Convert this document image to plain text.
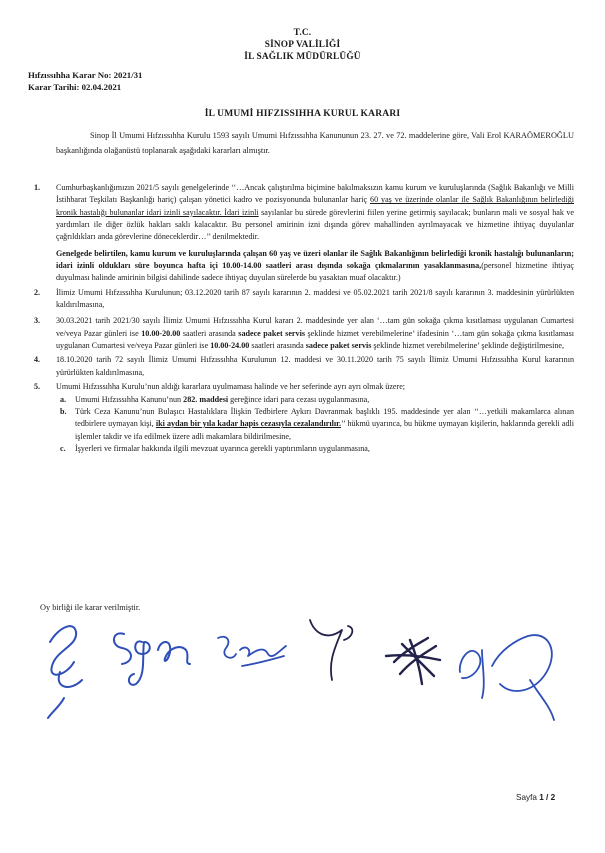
T.C.
SİNOP VALİLİĞİ
İL SAĞLIK MÜDÜRLÜĞÜ
Hıfzıssıhha Karar No: 2021/31
Karar Tarihi: 02.04.2021
İL UMUMİ HIFZISSIHHA KURUL KARARI

Sinop İl Umumi Hıfzıssıhha Kurulu 1593 sayılı Umumi Hıfzıssıhha Kanununun 23. 27. ve 72. maddelerine göre, Vali Erol KARAÖMEROĞLU başkanlığında olağanüstü toplanarak aşağıdaki kararları almıştır.

1. Cumhurbaşkanlığımızın 2021/5 sayılı genelgelerinde ‘‘…Ancak çalıştırılma biçimine bakılmaksızın kamu kurum ve kuruluşlarında (Sağlık Bakanlığı ve Milli İstihbarat Teşkilatı Başkanlığı hariç) çalışan yönetici kadro ve pozisyonunda bulunanlar hariç 60 yaş ve üzerinde olanlar ile Sağlık Bakanlığının belirlediği kronik hastalığı bulunanlar idari izinli sayılacaktır. İdari izinli sayılanlar bu sürede görevlerini fiilen yerine getirmiş sayılacak; bunların mali ve sosyal hak ve yardımları ile diğer özlük hakları saklı kalacaktır. Bu personel amirinin izni dışında görev mahallinden ayrılmayacak ve hizmetine ihtiyaç duyulanlar çağrıldıkları anda görevlerine döneceklerdir…’’ denilmektedir.
Genelgede belirtilen, kamu kurum ve kuruluşlarında çalışan 60 yaş ve üzeri olanlar ile Sağlık Bakanlığının belirlediği kronik hastalığı bulunanların; idari izinli oldukları süre boyunca hafta içi 10.00-14.00 saatleri arası dışında sokağa çıkmalarının yasaklanmasına,(personel hizmetine ihtiyaç duyulması halinde amirinin bilgisi dahilinde sadece ihtiyaç duyulan sürelerde bu yasaktan muaf olacaktır.)
2. İlimiz Umumi Hıfzıssıhha Kurulunun; 03.12.2020 tarih 87 sayılı kararının 2. maddesi ve 05.02.2021 tarih 2021/8 sayılı kararının 3. maddesinin yürürlükten kaldırılmasına,
3. 30.03.2021 tarih 2021/30 sayılı İlimiz Umumi Hıfzıssıhha Kurul kararı 2. maddesinde yer alan ‘…tam gün sokağa çıkma kısıtlaması uygulanan Cumartesi ve/veya Pazar günleri ise 10.00-20.00 saatleri arasında sadece paket servis şeklinde hizmet verebilmelerine’ ifadesinin ‘…tam gün sokağa çıkma kısıtlaması uygulanan Cumartesi ve/veya Pazar günleri ise 10.00-24.00 saatleri arasında sadece paket servis şeklinde hizmet verebilmelerine’ şeklinde değiştirilmesine,
4. 18.10.2020 tarih 72 sayılı İlimiz Umumi Hıfzıssıhha Kurulunun 12. maddesi ve 30.11.2020 tarih 75 sayılı İlimiz Umumi Hıfzıssıhha Kurul kararının yürürlükten kaldırılmasına,
5. Umumi Hıfzıssıhha Kurulu’nun aldığı kararlara uyulmaması halinde ve her seferinde ayrı ayrı olmak üzere;
a. Umumi Hıfzıssıhha Kanunu’nun 282. maddesi gereğince idari para cezası uygulanmasına,
b. Türk Ceza Kanunu’nun Bulaşıcı Hastalıklara İlişkin Tedbirlere Aykırı Davranmak başlıklı 195. maddesinde yer alan ‘‘…yetkili makamlarca alınan tedbirlere uymayan kişi, iki aydan bir yıla kadar hapis cezasıyla cezalandırılır.’’ hükmü uyarınca, bu hükme uymayan kişilerin, haklarında gerekli adli işlemler takdir ve ifa edilmek üzere adli makamlara bildirilmesine,
c. İşyerleri ve firmalar hakkında ilgili mevzuat uyarınca gerekli yaptırımların uygulanmasına,

Oy birliği ile karar verilmiştir.

Sayfa 1 / 2
